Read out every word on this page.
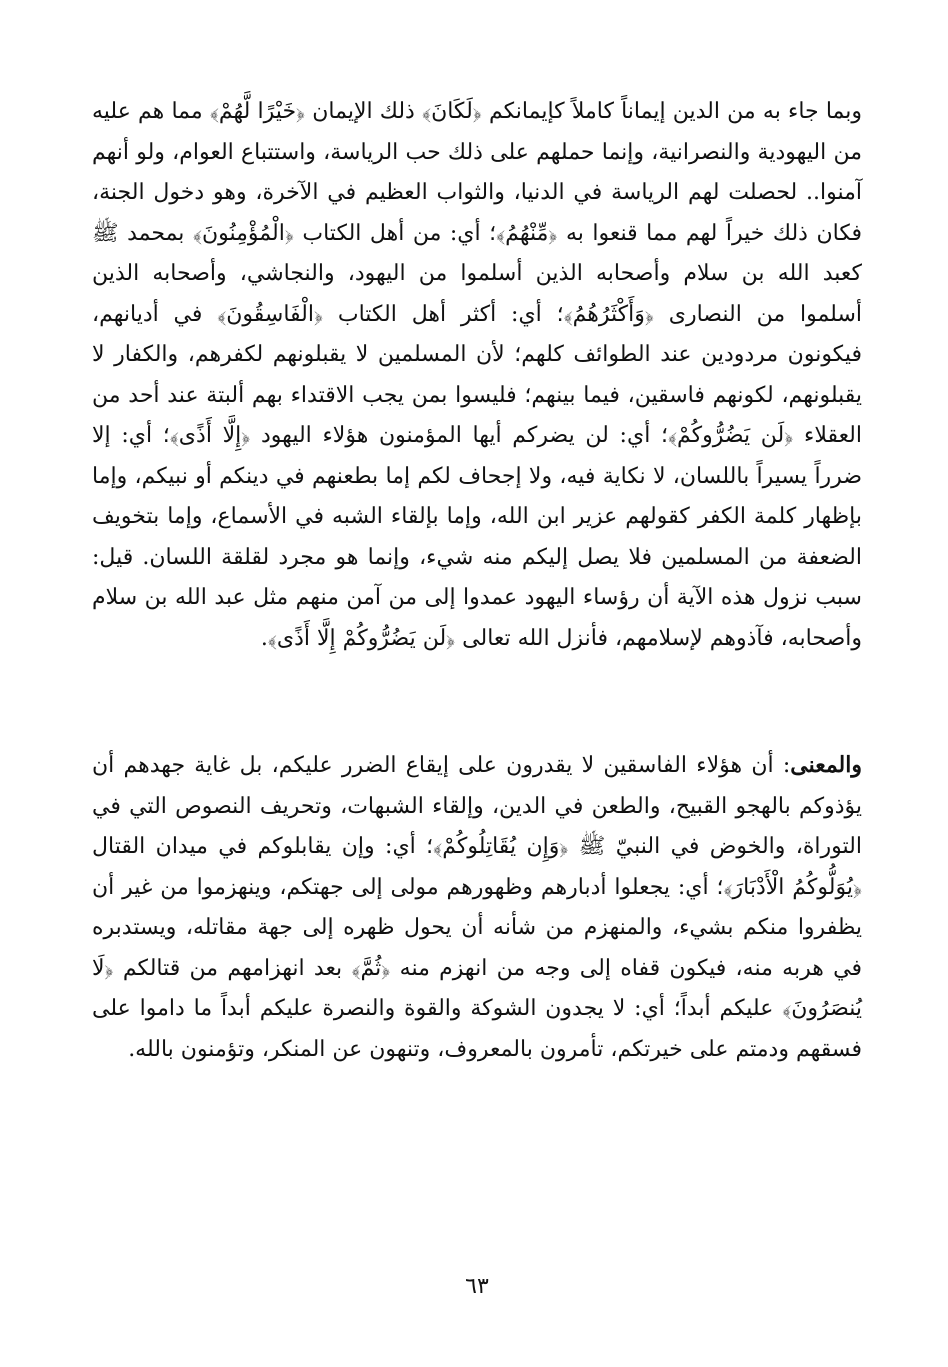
وبما جاء به من الدين إيماناً كاملاً كإيمانكم ﴿لَكَانَ﴾ ذلك الإيمان ﴿خَيْرًا لَّهُمْ﴾ مما هم عليه من اليهودية والنصرانية، وإنما حملهم على ذلك حب الرياسة، واستتباع العوام، ولو أنهم آمنوا.. لحصلت لهم الرياسة في الدنيا، والثواب العظيم في الآخرة، وهو دخول الجنة، فكان ذلك خيراً لهم مما قنعوا به ﴿مِّنْهُمُ﴾؛ أي: من أهل الكتاب ﴿الْمُؤْمِنُونَ﴾ بمحمد ﷺ كعبد الله بن سلام وأصحابه الذين أسلموا من اليهود، والنجاشي، وأصحابه الذين أسلموا من النصارى ﴿وَأَكْثَرُهُمُ﴾؛ أي: أكثر أهل الكتاب ﴿الْفَاسِقُونَ﴾ في أديانهم، فيكونون مردودين عند الطوائف كلهم؛ لأن المسلمين لا يقبلونهم لكفرهم، والكفار لا يقبلونهم، لكونهم فاسقين، فيما بينهم؛ فليسوا بمن يجب الاقتداء بهم ألبتة عند أحد من العقلاء ﴿لَن يَضُرُّوكُمْ﴾؛ أي: لن يضركم أيها المؤمنون هؤلاء اليهود ﴿إِلَّا أَذًى﴾؛ أي: إلا ضرراً يسيراً باللسان، لا نكاية فيه، ولا إجحاف لكم إما بطعنهم في دينكم أو نبيكم، وإما بإظهار كلمة الكفر كقولهم عزير ابن الله، وإما بإلقاء الشبه في الأسماع، وإما بتخويف الضعفة من المسلمين فلا يصل إليكم منه شيء، وإنما هو مجرد لقلقة اللسان. قيل: سبب نزول هذه الآية أن رؤساء اليهود عمدوا إلى من آمن منهم مثل عبد الله بن سلام وأصحابه، فآذوهم لإسلامهم، فأنزل الله تعالى ﴿لَن يَضُرُّوكُمْ إِلَّا أَذًى﴾.

والمعنى: أن هؤلاء الفاسقين لا يقدرون على إيقاع الضرر عليكم، بل غاية جهدهم أن يؤذوكم بالهجو القبيح، والطعن في الدين، وإلقاء الشبهات، وتحريف النصوص التي في التوراة، والخوض في النبيّ ﷺ ﴿وَإِن يُقَاتِلُوكُمْ﴾؛ أي: وإن يقابلوكم في ميدان القتال ﴿يُوَلُّوكُمُ الْأَدْبَارَ﴾؛ أي: يجعلوا أدبارهم وظهورهم مولى إلى جهتكم، وينهزموا من غير أن يظفروا منكم بشيء، والمنهزم من شأنه أن يحول ظهره إلى جهة مقاتله، ويستدبره في هربه منه، فيكون قفاه إلى وجه من انهزم منه ﴿ثُمَّ﴾ بعد انهزامهم من قتالكم ﴿لَا يُنصَرُونَ﴾ عليكم أبداً؛ أي: لا يجدون الشوكة والقوة والنصرة عليكم أبداً ما داموا على فسقهم ودمتم على خيرتكم، تأمرون بالمعروف، وتنهون عن المنكر، وتؤمنون بالله.

٦٣
